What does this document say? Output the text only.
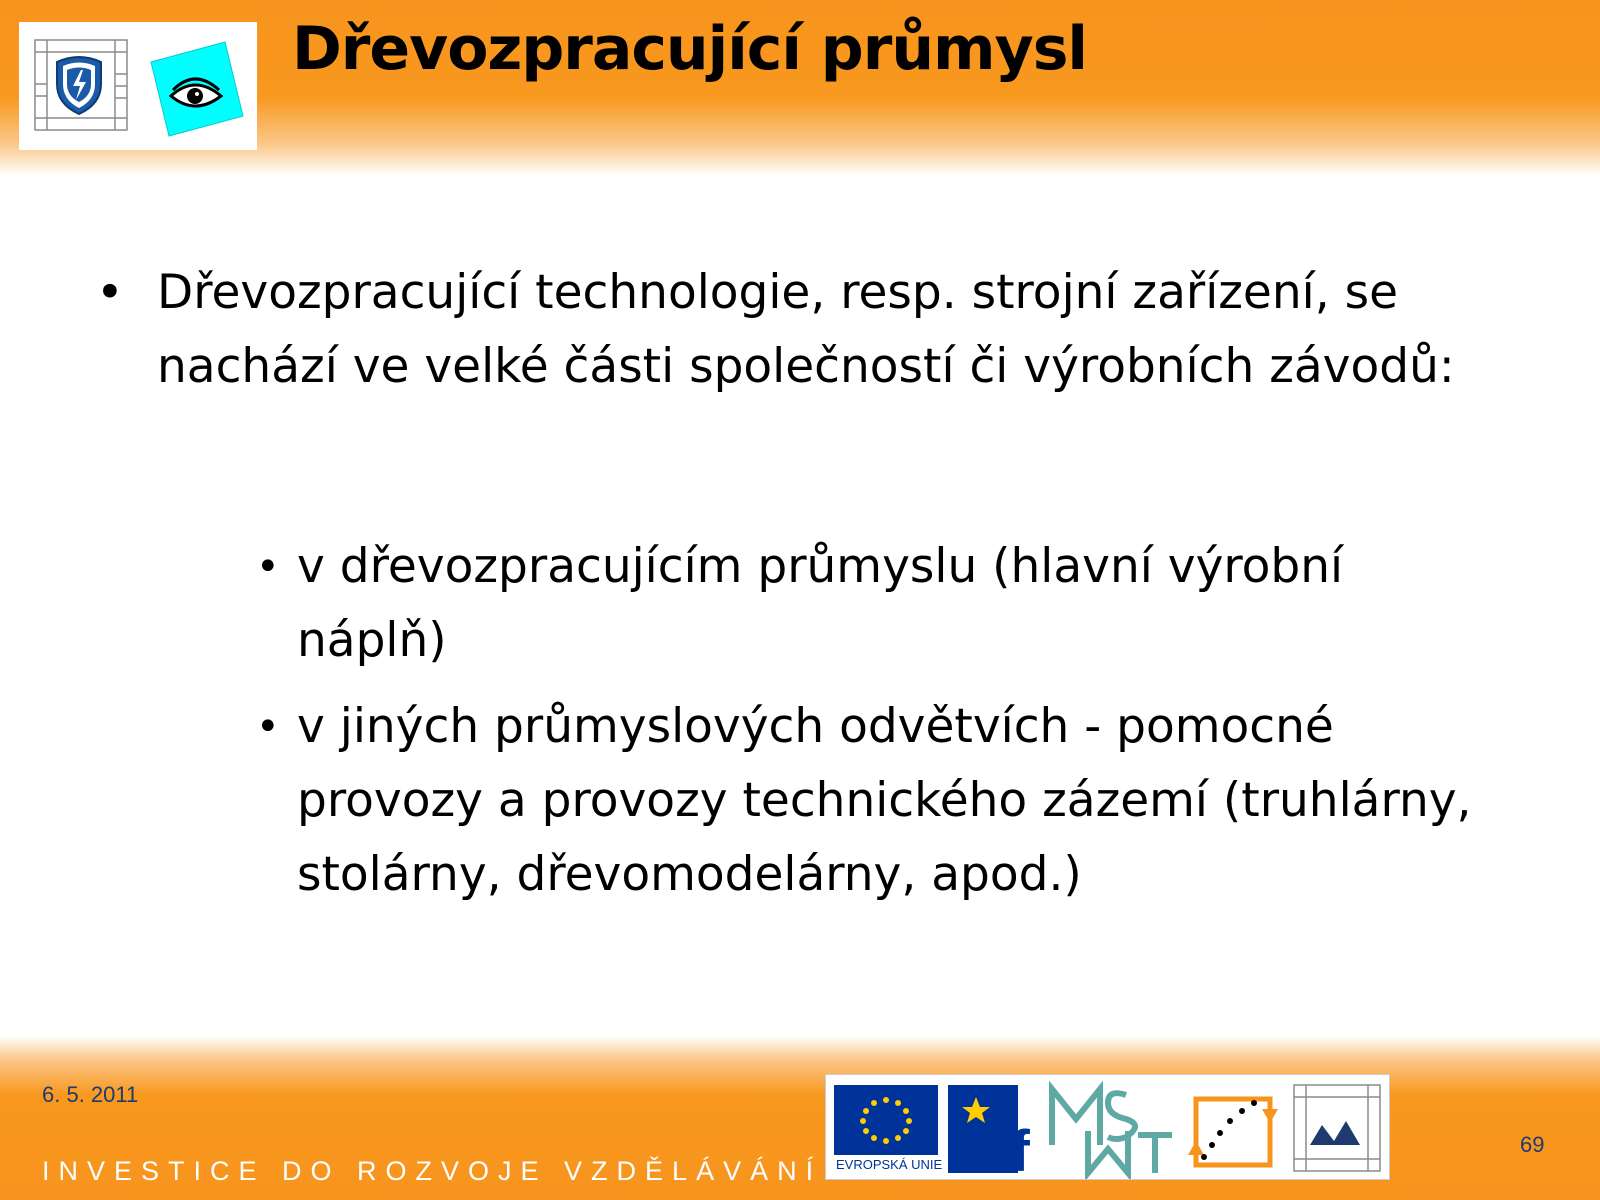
Dřevozpracující průmysl
• Dřevozpracující technologie, resp. strojní zařízení, se nachází ve velké části společností či výrobních závodů:
• v dřevozpracujícím průmyslu (hlavní výrobní náplň)
• v jiných průmyslových odvětvích - pomocné provozy a provozy technického zázemí (truhlárny, stolárny, dřevomodelárny, apod.)
6. 5. 2011
INVESTICE DO ROZVOJE VZDĚLÁVÁNÍ
69
EVROPSKÁ UNIE esf
